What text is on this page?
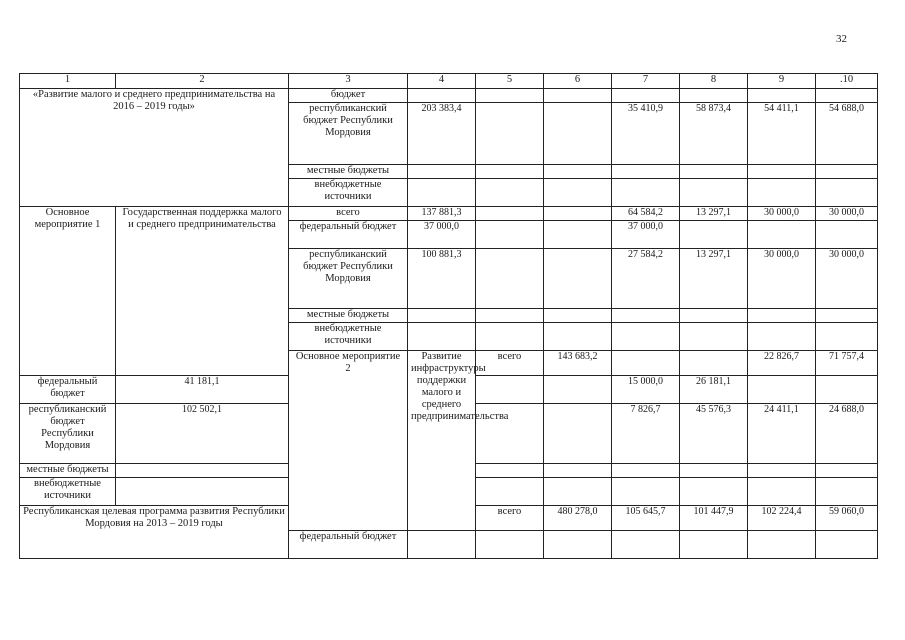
32
1	2	3	4	5	6	7	8	9	.10	
«Развитие малого и среднего предпринимательства на 2016 – 2019 годы»		бюджет								
		республиканский бюджет Республики Мордовия	203 383,4			35 410,9	58 873,4	54 411,1	54 688,0	
		местные бюджеты								
		внебюджетные источники								
Основное мероприятие 1	Государственная поддержка малого и среднего предпринимательства	всего	137 881,3			64 584,2	13 297,1	30 000,0	30 000,0	
		федеральный бюджет	37 000,0			37 000,0				
		республиканский бюджет Республики Мордовия	100 881,3			27 584,2	13 297,1	30 000,0	30 000,0	
		местные бюджеты								
		внебюджетные источники								
		Основное мероприятие 2	Развитие инфраструктуры поддержки малого и среднего предпринимательства	всего	143 683,2			22 826,7	71 757,4		
федеральный бюджет	41 181,1					15 000,0	26 181,1			
республиканский бюджет Республики Мордовия	102 502,1					7 826,7	45 576,3	24 411,1	24 688,0	
местные бюджеты										
внебюджетные источники										
Республиканская целевая программа развития Республики Мордовия на 2013 – 2019 годы				всего	480 278,0	105 645,7	101 447,9	102 224,4	59 060,0		
		федеральный бюджет								
